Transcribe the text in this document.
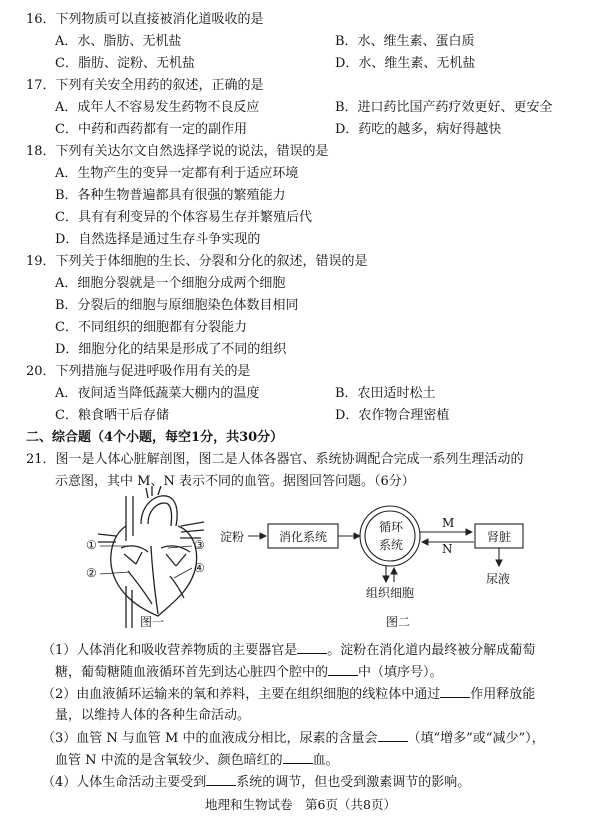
16．下列物质可以直接被消化道吸收的是
A．水、脂肪、无机盐	B．水、维生素、蛋白质
C．脂肪、淀粉、无机盐	D．水、维生素、无机盐
17．下列有关安全用药的叙述，正确的是
A．成年人不容易发生药物不良反应	B．进口药比国产药疗效更好、更安全
C．中药和西药都有一定的副作用	D．药吃的越多，病好得越快
18．下列有关达尔文自然选择学说的说法，错误的是
A．生物产生的变异一定都有利于适应环境
B．各种生物普遍都具有很强的繁殖能力
C．具有有利变异的个体容易生存并繁殖后代
D．自然选择是通过生存斗争实现的
19．下列关于体细胞的生长、分裂和分化的叙述，错误的是
A．细胞分裂就是一个细胞分成两个细胞
B．分裂后的细胞与原细胞染色体数目相同
C．不同组织的细胞都有分裂能力
D．细胞分化的结果是形成了不同的组织
20．下列措施与促进呼吸作用有关的是
A．夜间适当降低蔬菜大棚内的温度	B．农田适时松土
C．粮食晒干后存储	D．农作物合理密植
二、综合题（4个小题，每空1分，共30分）
21．图一是人体心脏解剖图，图二是人体各器官、系统协调配合完成一系列生理活动的
示意图，其中 M、N 表示不同的血管。据图回答问题。（6分）
①
②
③
④
图一
淀粉	消化系统
循环
系统
M
N
肾脏
尿液
组织细胞
图二
（1）人体消化和吸收营养物质的主要器官是 。淀粉在消化道内最终被分解成葡萄
糖，葡萄糖随血液循环首先到达心脏四个腔中的 中（填序号）。
（2）由血液循环运输来的氧和养料，主要在组织细胞的线粒体中通过 作用释放能
量，以维持人体的各种生命活动。
（3）血管 N 与血管 M 中的血液成分相比，尿素的含量会 （填“增多”或“减少”），
血管 N 中流的是含氧较少、颜色暗红的 血。
（4）人体生命活动主要受到 系统的调节，但也受到激素调节的影响。
地理和生物试卷　第6页（共8页）
